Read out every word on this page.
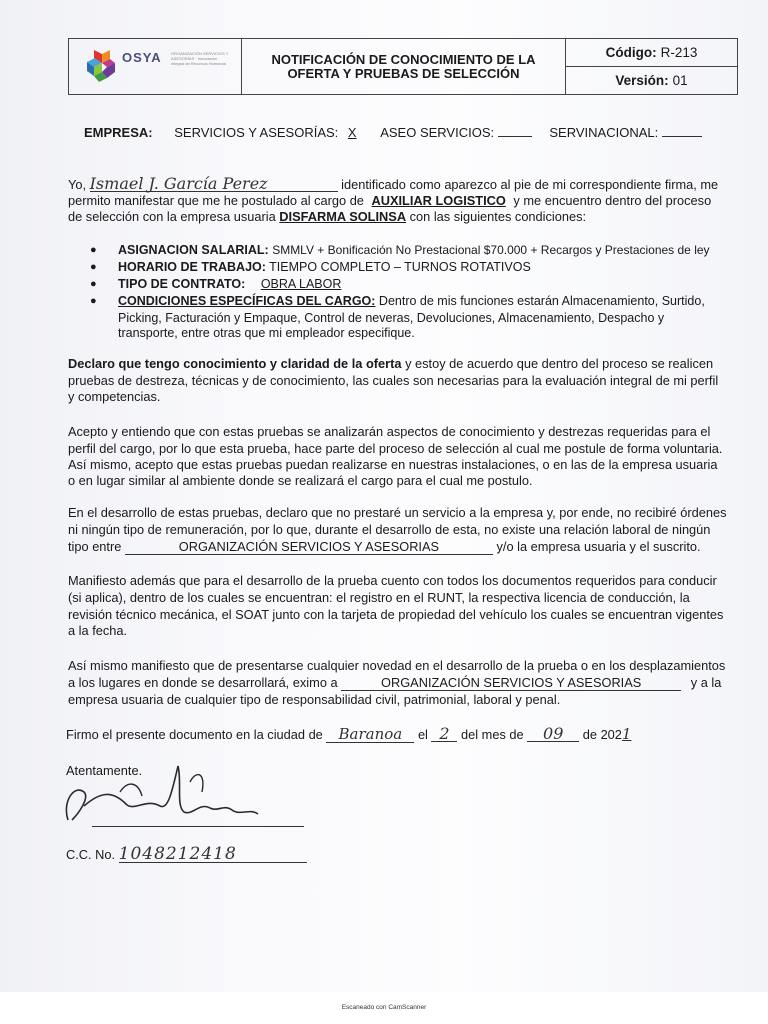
OSYA ORGANIZACIÓN SERVICIOS Y ASESORÍAS · Innovación integral de Recursos Humanos	NOTIFICACIÓN DE CONOCIMIENTO DE LA OFERTA Y PRUEBAS DE SELECCIÓN
Código: R-213
Versión: 01
EMPRESA: SERVICIOS Y ASESORÍAS: X ASEO SERVICIOS:	SERVINACIONAL:
Yo, Ismael J. García Perez	identificado como aparezco al pie de mi correspondiente firma, me
permito manifestar que me he postulado al cargo de AUXILIAR LOGISTICO y me encuentro dentro del proceso
de selección con la empresa usuaria DISFARMA SOLINSA con las siguientes condiciones:
● ASIGNACION SALARIAL: SMMLV + Bonificación No Prestacional $70.000 + Recargos y Prestaciones de ley
● HORARIO DE TRABAJO: TIEMPO COMPLETO – TURNOS ROTATIVOS
● TIPO DE CONTRATO: OBRA LABOR
● CONDICIONES ESPECÍFICAS DEL CARGO: Dentro de mis funciones estarán Almacenamiento, Surtido,
Picking, Facturación y Empaque, Control de neveras, Devoluciones, Almacenamiento, Despacho y
transporte, entre otras que mi empleador especifique.
Declaro que tengo conocimiento y claridad de la oferta y estoy de acuerdo que dentro del proceso se realicen
pruebas de destreza, técnicas y de conocimiento, las cuales son necesarias para la evaluación integral de mi perfil
y competencias.
Acepto y entiendo que con estas pruebas se analizarán aspectos de conocimiento y destrezas requeridas para el
perfil del cargo, por lo que esta prueba, hace parte del proceso de selección al cual me postule de forma voluntaria.
Así mismo, acepto que estas pruebas puedan realizarse en nuestras instalaciones, o en las de la empresa usuaria
o en lugar similar al ambiente donde se realizará el cargo para el cual me postulo.
En el desarrollo de estas pruebas, declaro que no prestaré un servicio a la empresa y, por ende, no recibiré órdenes
ni ningún tipo de remuneración, por lo que, durante el desarrollo de esta, no existe una relación laboral de ningún
tipo entre	ORGANIZACIÓN SERVICIOS Y ASESORIAS	y/o la empresa usuaria y el suscrito.
Manifiesto además que para el desarrollo de la prueba cuento con todos los documentos requeridos para conducir
(si aplica), dentro de los cuales se encuentran: el registro en el RUNT, la respectiva licencia de conducción, la
revisión técnico mecánica, el SOAT junto con la tarjeta de propiedad del vehículo los cuales se encuentran vigentes
a la fecha.
Así mismo manifiesto que de presentarse cualquier novedad en el desarrollo de la prueba o en los desplazamientos
a los lugares en donde se desarrollará, eximo a	ORGANIZACIÓN SERVICIOS Y ASESORIAS	y a la
empresa usuaria de cualquier tipo de responsabilidad civil, patrimonial, laboral y penal.
Firmo el presente documento en la ciudad de Baranoa el 2 del mes de 09 de 2021
Atentamente.
C.C. No. 1048212418
Escaneado con CamScanner
